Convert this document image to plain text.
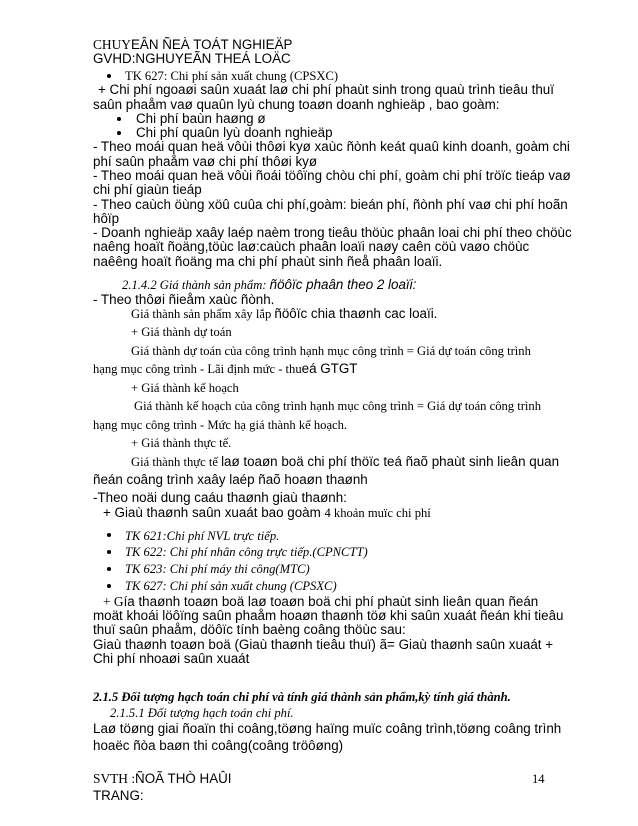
CHUYEÂN ÑEÀ TOÁT NGHIEÄP
GVHD:NGHUYEÃN THEÁ LOÄC
TK 627: Chi phí sản xuất chung (CPSXC)
+ Chi phí ngoaøi saûn xuaát laø chi phí phaùt sinh trong quaù trình tieâu thuï
saûn phaåm vaø quaûn lyù chung toaøn doanh nghieäp , bao goàm:
Chi phí baùn haøng ø
Chi phí quaûn lyù doanh nghieäp
- Theo moái quan heä vôùi thôøi kyø xaùc ñònh keát quaû kinh doanh, goàm chi
phí saûn phaåm vaø chi phí thôøi kyø
- Theo moái quan heä vôùi ñoái töôïng chòu chi phí, goàm chi phí tröïc tieáp vaø
chi phí giaùn tieáp
- Theo caùch öùng xöû cuûa chi phí,goàm: bieán phí, ñònh phí vaø chi phí hoãn
hôïp
- Doanh nghieäp xaây laép naèm trong tieâu thöùc phaân loai chi phí theo chöùc
naêng hoaït ñoäng,töùc laø:caùch phaân loaïi naøy caên cöù vaøo chöùc
naêêng hoaït ñoäng ma chi phí phaùt sinh ñeå phaân loaïi.
2.1.4.2 Giá thành sản phẩm: ñöôïc phaân theo 2 loaïi:
- Theo thôøi ñieåm xaùc ñònh.
Giá thành sản phẩm xây lắp ñöôïc chia thaønh cac loaïi.
+ Giá thành dự toán
Giá thành dự toán của công trình hạnh mục công trình = Giá dự toán công trình
hạng mục công trình - Lãi định mức - thueá GTGT
+ Giá thành kế hoạch
Giá thành kế hoạch của công trình hạnh mục công trình = Giá dự toán công trình
hạng mục công trình - Mức hạ giá thành kế hoạch.
+ Giá thành thực tế.
Giá thành thực tế laø toaøn boä chi phí thöïc teá ñaõ phaùt sinh lieân quan
ñeán coâng trình xaây laép ñaõ hoaøn thaønh
-Theo noäi dung caáu thaønh giaù thaønh:
+ Giaù thaønh saûn xuaát bao goàm 4 khoản muïc chi phí
TK 621:Chi phí NVL trực tiếp.
TK 622: Chi phí nhân công trực tiếp.(CPNCTT)
TK 623: Chi phí máy thi công(MTC)
TK 627: Chi phí sản xuất chung (CPSXC)
+ Gía thaønh toaøn boä laø toaøn boä chi phí phaùt sinh lieân quan ñeán
moät khoái löôïng saûn phaåm hoaøn thaønh töø khi saûn xuaát ñeán khi tieâu
thuï saûn phaåm, döôïc tính baèng coâng thöùc sau:
Giaù thaønh toaøn boä (Giaù thaønh tieâu thuï) ã= Giaù thaønh saûn xuaát +
Chi phí nhoaøi saûn xuaát
2.1.5 Đối tượng hạch toán chi phí và tính giá thành sản phẩm,kỳ tính giá thành.
2.1.5.1 Đối tượng hạch toán chi phí.
Laø töøng giai ñoaïn thi coâng,töøng haïng muïc coâng trình,töøng coâng trình
hoaëc ñòa baøn thi coâng(coâng tröôøng)
SVTH :ÑOÃ THÒ HAÛI	14
TRANG:
